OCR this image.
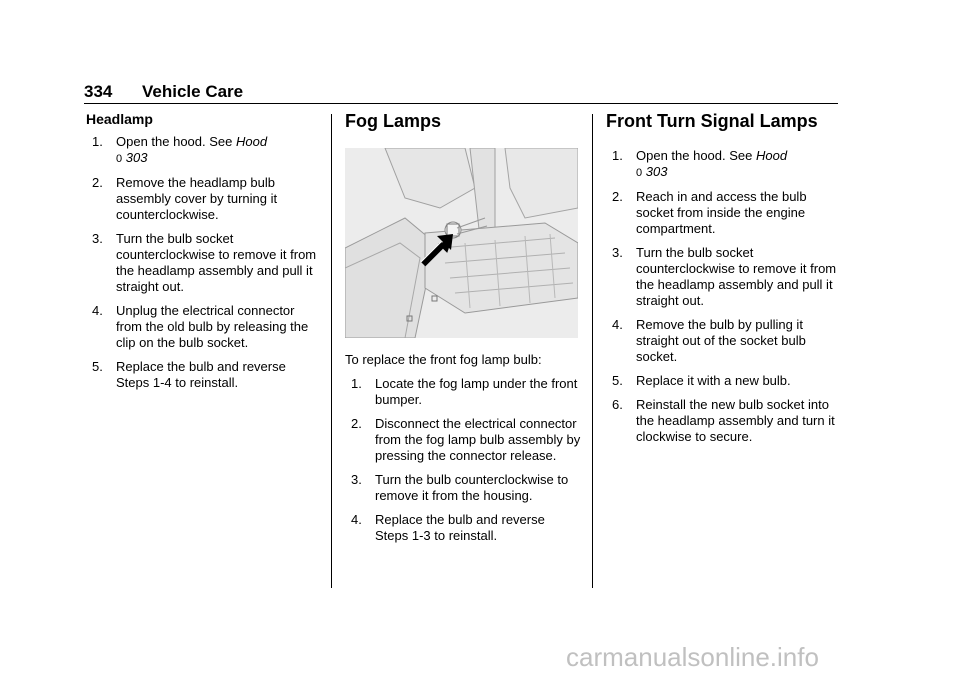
334 Vehicle Care
Headlamp
1. Open the hood. See Hood
0 303
2. Remove the headlamp bulb assembly cover by turning it counterclockwise.
3. Turn the bulb socket counterclockwise to remove it from the headlamp assembly and pull it straight out.
4. Unplug the electrical connector from the old bulb by releasing the clip on the bulb socket.
5. Replace the bulb and reverse Steps 1-4 to reinstall.
Fog Lamps
To replace the front fog lamp bulb:
1. Locate the fog lamp under the front bumper.
2. Disconnect the electrical connector from the fog lamp bulb assembly by pressing the connector release.
3. Turn the bulb counterclockwise to remove it from the housing.
4. Replace the bulb and reverse Steps 1-3 to reinstall.
Front Turn Signal Lamps
1. Open the hood. See Hood
0 303
2. Reach in and access the bulb socket from inside the engine compartment.
3. Turn the bulb socket counterclockwise to remove it from the headlamp assembly and pull it straight out.
4. Remove the bulb by pulling it straight out of the socket bulb socket.
5. Replace it with a new bulb.
6. Reinstall the new bulb socket into the headlamp assembly and turn it clockwise to secure.
carmanualsonline.info
